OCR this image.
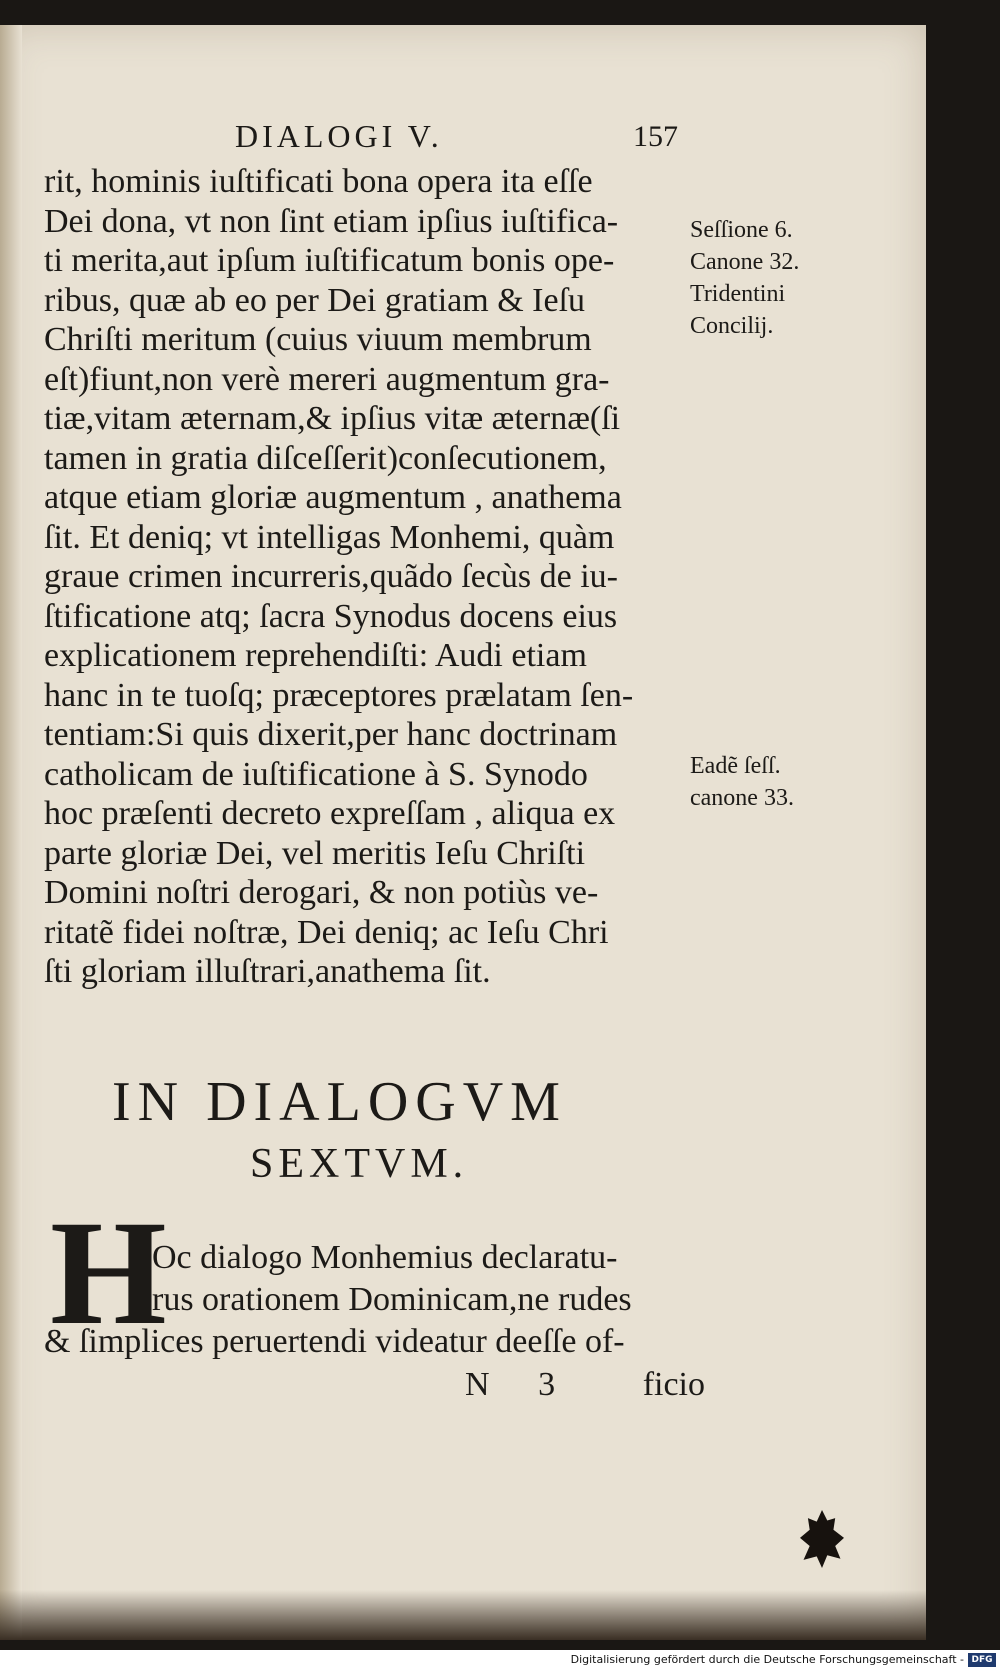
DIALOGI V.	157
rit, hominis iuſtificati bona opera ita eſſe
Dei dona, vt non ſint etiam ipſius iuſtifica-
ti merita,aut ipſum iuſtificatum bonis ope-
ribus, quæ ab eo per Dei gratiam & Ieſu
Chriſti meritum (cuius viuum membrum
eſt)fiunt,non verè mereri augmentum gra-
tiæ,vitam æternam,& ipſius vitæ æternæ(ſi
tamen in gratia diſceſſerit)conſecutionem,
atque etiam gloriæ augmentum , anathema
ſit. Et deniq; vt intelligas Monhemi, quàm
graue crimen incurreris,quãdo ſecùs de iu-
ſtificatione atq; ſacra Synodus docens eius
explicationem reprehendiſti: Audi etiam
hanc in te tuoſq; præceptores prælatam ſen-
tentiam:Si quis dixerit,per hanc doctrinam
catholicam de iuſtificatione à S. Synodo
hoc præſenti decreto expreſſam , aliqua ex
parte gloriæ Dei, vel meritis Ieſu Chriſti
Domini noſtri derogari, & non potiùs ve-
ritatẽ fidei noſtræ, Dei deniq; ac Ieſu Chri
ſti gloriam illuſtrari,anathema ſit.
Seſſione 6.
Canone 32.
Tridentini
Concilij.
Eadẽ ſeſſ.
canone 33.
IN DIALOGVM
SEXTVM.
H
Oc dialogo Monhemius declaratu-
rus orationem Dominicam,ne rudes
& ſimplices peruertendi videatur deeſſe of-
N 3	ficio
Digitalisierung gefördert durch die Deutsche Forschungsgemeinschaft - DFG
